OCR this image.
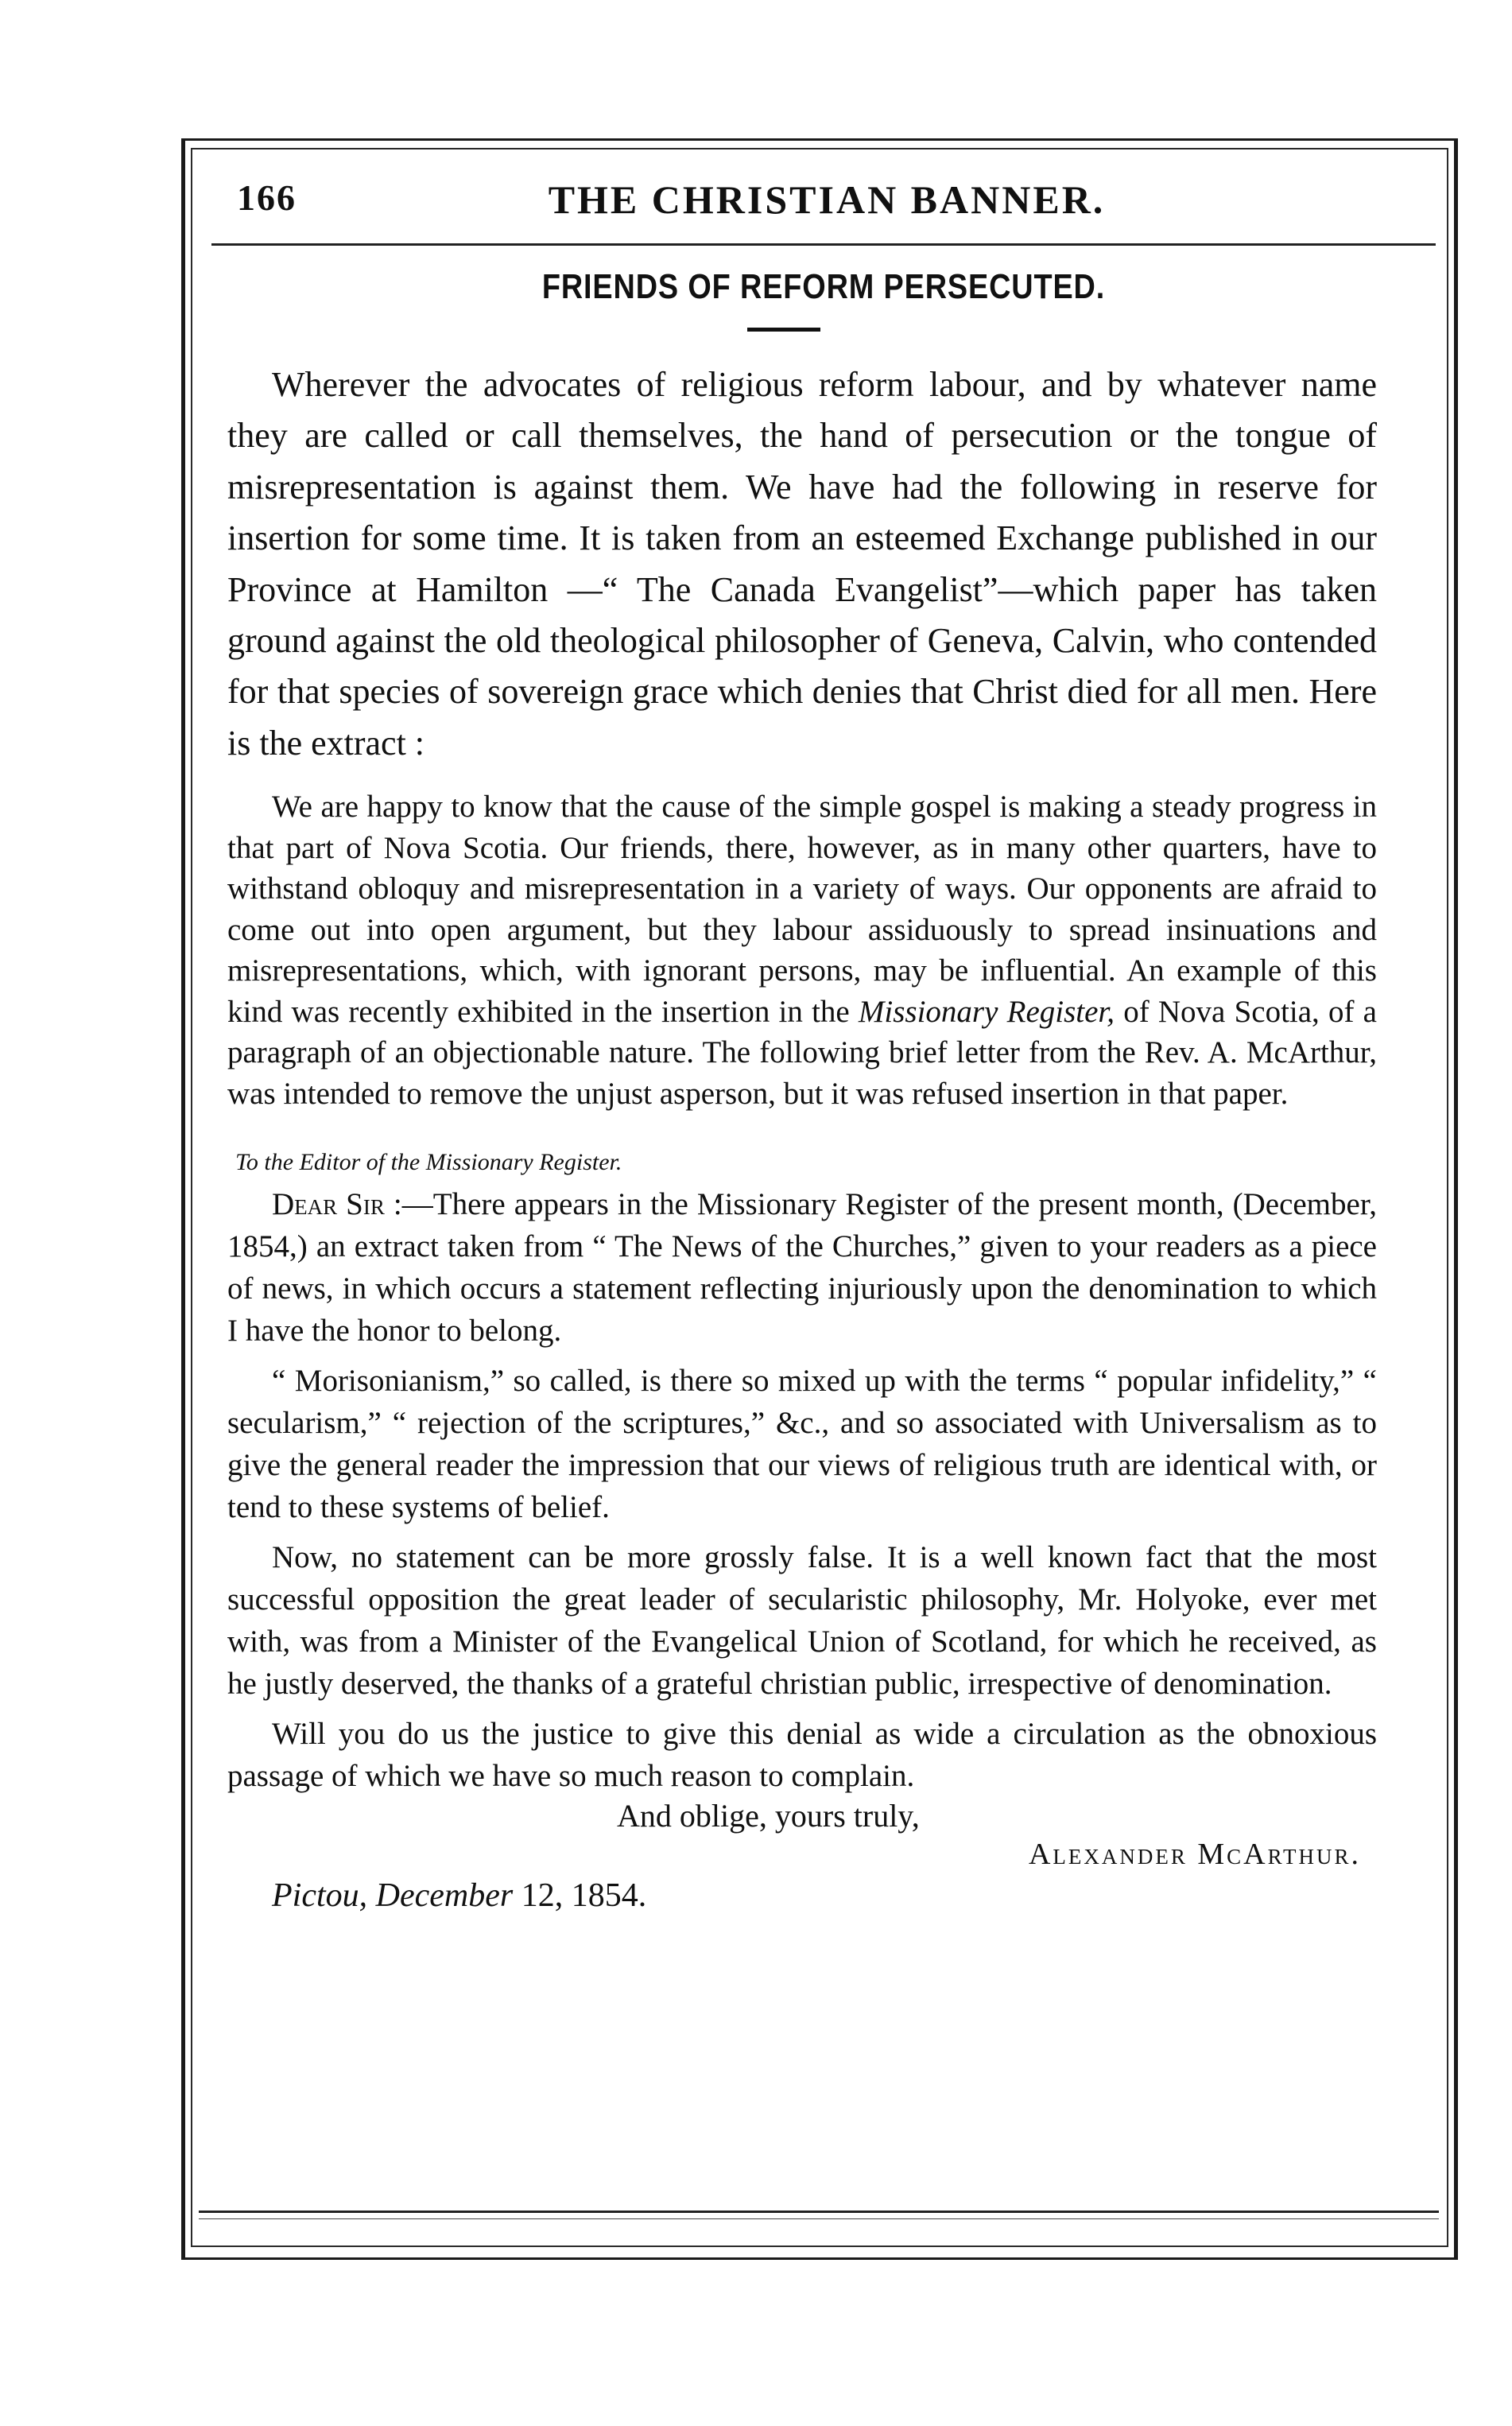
166	THE CHRISTIAN BANNER.
FRIENDS OF REFORM PERSECUTED.

Wherever the advocates of religious reform labour, and by whatever name they are called or call themselves, the hand of persecution or the tongue of misrepresentation is against them. We have had the following in reserve for insertion for some time. It is taken from an esteemed Exchange published in our Province at Hamilton —“ The Canada Evangelist”—which paper has taken ground against the old theological philosopher of Geneva, Calvin, who contended for that species of sovereign grace which denies that Christ died for all men. Here is the extract :

We are happy to know that the cause of the simple gospel is making a steady progress in that part of Nova Scotia. Our friends, there, however, as in many other quarters, have to withstand obloquy and misrepresentation in a variety of ways. Our opponents are afraid to come out into open argument, but they labour assiduously to spread insinuations and misrepresentations, which, with ignorant persons, may be influential. An example of this kind was recently exhibited in the insertion in the Missionary Register, of Nova Scotia, of a paragraph of an objectionable nature. The following brief letter from the Rev. A. McArthur, was intended to remove the unjust asperson, but it was refused insertion in that paper.

To the Editor of the Missionary Register.

Dear Sir :—There appears in the Missionary Register of the present month, (December, 1854,) an extract taken from “ The News of the Churches,” given to your readers as a piece of news, in which occurs a statement reflecting injuriously upon the denomination to which I have the honor to belong.

“ Morisonianism,” so called, is there so mixed up with the terms “ popular infidelity,” “ secularism,” “ rejection of the scriptures,” &c., and so associated with Universalism as to give the general reader the impression that our views of religious truth are identical with, or tend to these systems of belief.

Now, no statement can be more grossly false. It is a well known fact that the most successful opposition the great leader of secularistic philosophy, Mr. Holyoke, ever met with, was from a Minister of the Evangelical Union of Scotland, for which he received, as he justly deserved, the thanks of a grateful christian public, irrespective of denomination.

Will you do us the justice to give this denial as wide a circulation as the obnoxious passage of which we have so much reason to complain.

And oblige, yours truly,
Alexander McArthur.
Pictou, December 12, 1854.
